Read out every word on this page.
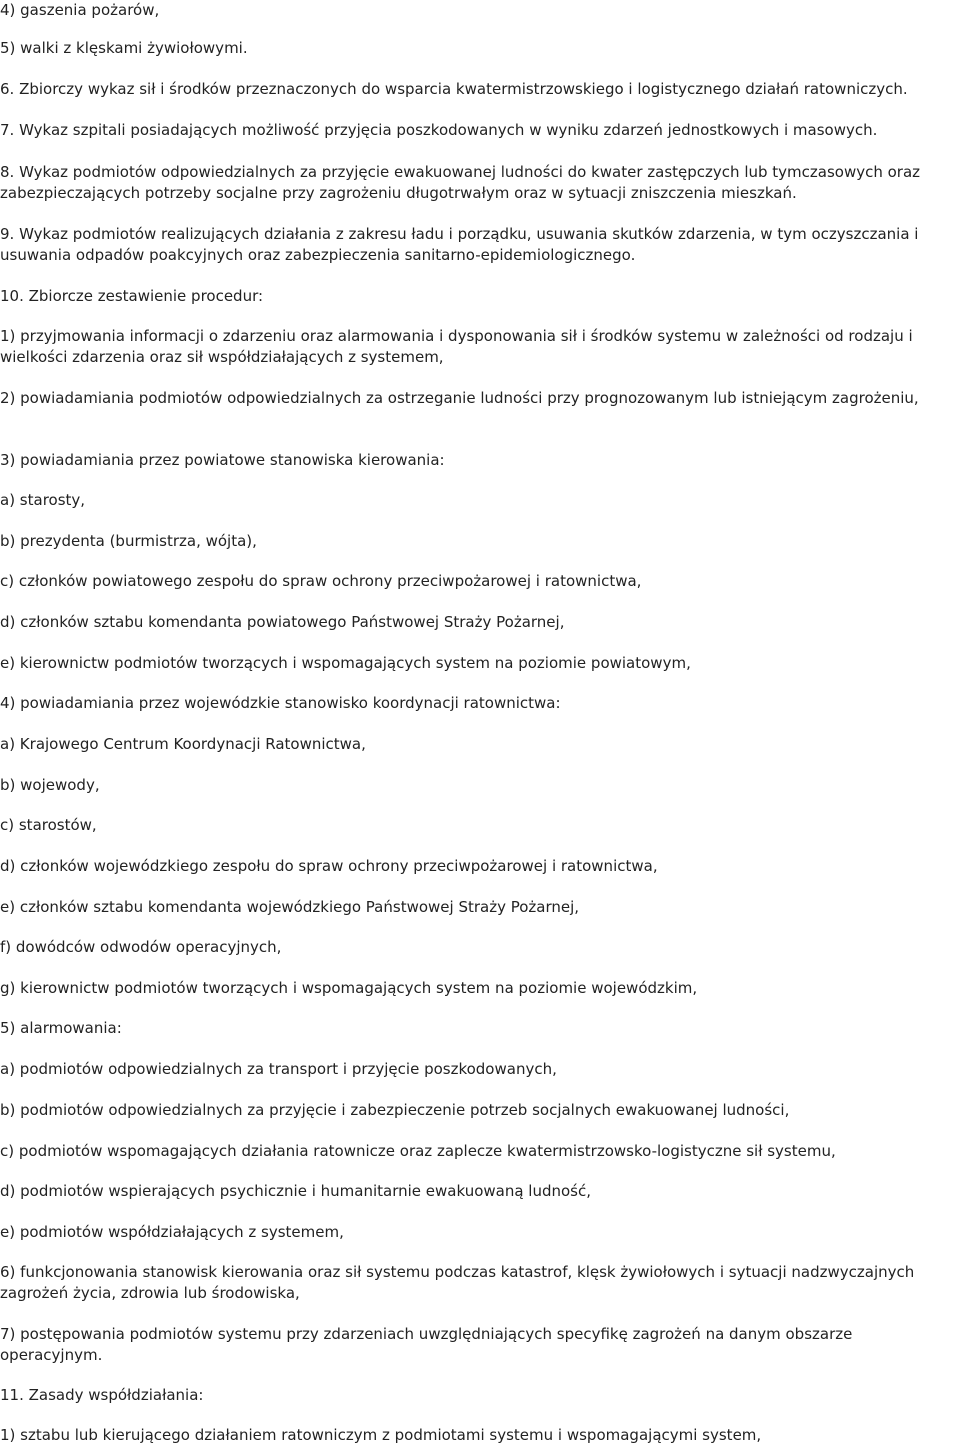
4) gaszenia pożarów,
5) walki z klęskami żywiołowymi.
6. Zbiorczy wykaz sił i środków przeznaczonych do wsparcia kwatermistrzowskiego i logistycznego działań ratowniczych.
7. Wykaz szpitali posiadających możliwość przyjęcia poszkodowanych w wyniku zdarzeń jednostkowych i masowych.
8. Wykaz podmiotów odpowiedzialnych za przyjęcie ewakuowanej ludności do kwater zastępczych lub tymczasowych oraz zabezpieczających potrzeby socjalne przy zagrożeniu długotrwałym oraz w sytuacji zniszczenia mieszkań.
9. Wykaz podmiotów realizujących działania z zakresu ładu i porządku, usuwania skutków zdarzenia, w tym oczyszczania i usuwania odpadów poakcyjnych oraz zabezpieczenia sanitarno-epidemiologicznego.
10. Zbiorcze zestawienie procedur:
1) przyjmowania informacji o zdarzeniu oraz alarmowania i dysponowania sił i środków systemu w zależności od rodzaju i wielkości zdarzenia oraz sił współdziałających z systemem,
2) powiadamiania podmiotów odpowiedzialnych za ostrzeganie ludności przy prognozowanym lub istniejącym zagrożeniu,
3) powiadamiania przez powiatowe stanowiska kierowania:
a) starosty,
b) prezydenta (burmistrza, wójta),
c) członków powiatowego zespołu do spraw ochrony przeciwpożarowej i ratownictwa,
d) członków sztabu komendanta powiatowego Państwowej Straży Pożarnej,
e) kierownictw podmiotów tworzących i wspomagających system na poziomie powiatowym,
4) powiadamiania przez wojewódzkie stanowisko koordynacji ratownictwa:
a) Krajowego Centrum Koordynacji Ratownictwa,
b) wojewody,
c) starostów,
d) członków wojewódzkiego zespołu do spraw ochrony przeciwpożarowej i ratownictwa,
e) członków sztabu komendanta wojewódzkiego Państwowej Straży Pożarnej,
f) dowódców odwodów operacyjnych,
g) kierownictw podmiotów tworzących i wspomagających system na poziomie wojewódzkim,
5) alarmowania:
a) podmiotów odpowiedzialnych za transport i przyjęcie poszkodowanych,
b) podmiotów odpowiedzialnych za przyjęcie i zabezpieczenie potrzeb socjalnych ewakuowanej ludności,
c) podmiotów wspomagających działania ratownicze oraz zaplecze kwatermistrzowsko-logistyczne sił systemu,
d) podmiotów wspierających psychicznie i humanitarnie ewakuowaną ludność,
e) podmiotów współdziałających z systemem,
6) funkcjonowania stanowisk kierowania oraz sił systemu podczas katastrof, klęsk żywiołowych i sytuacji nadzwyczajnych zagrożeń życia, zdrowia lub środowiska,
7) postępowania podmiotów systemu przy zdarzeniach uwzględniających specyfikę zagrożeń na danym obszarze operacyjnym.
11. Zasady współdziałania:
1) sztabu lub kierującego działaniem ratowniczym z podmiotami systemu i wspomagającymi system,
